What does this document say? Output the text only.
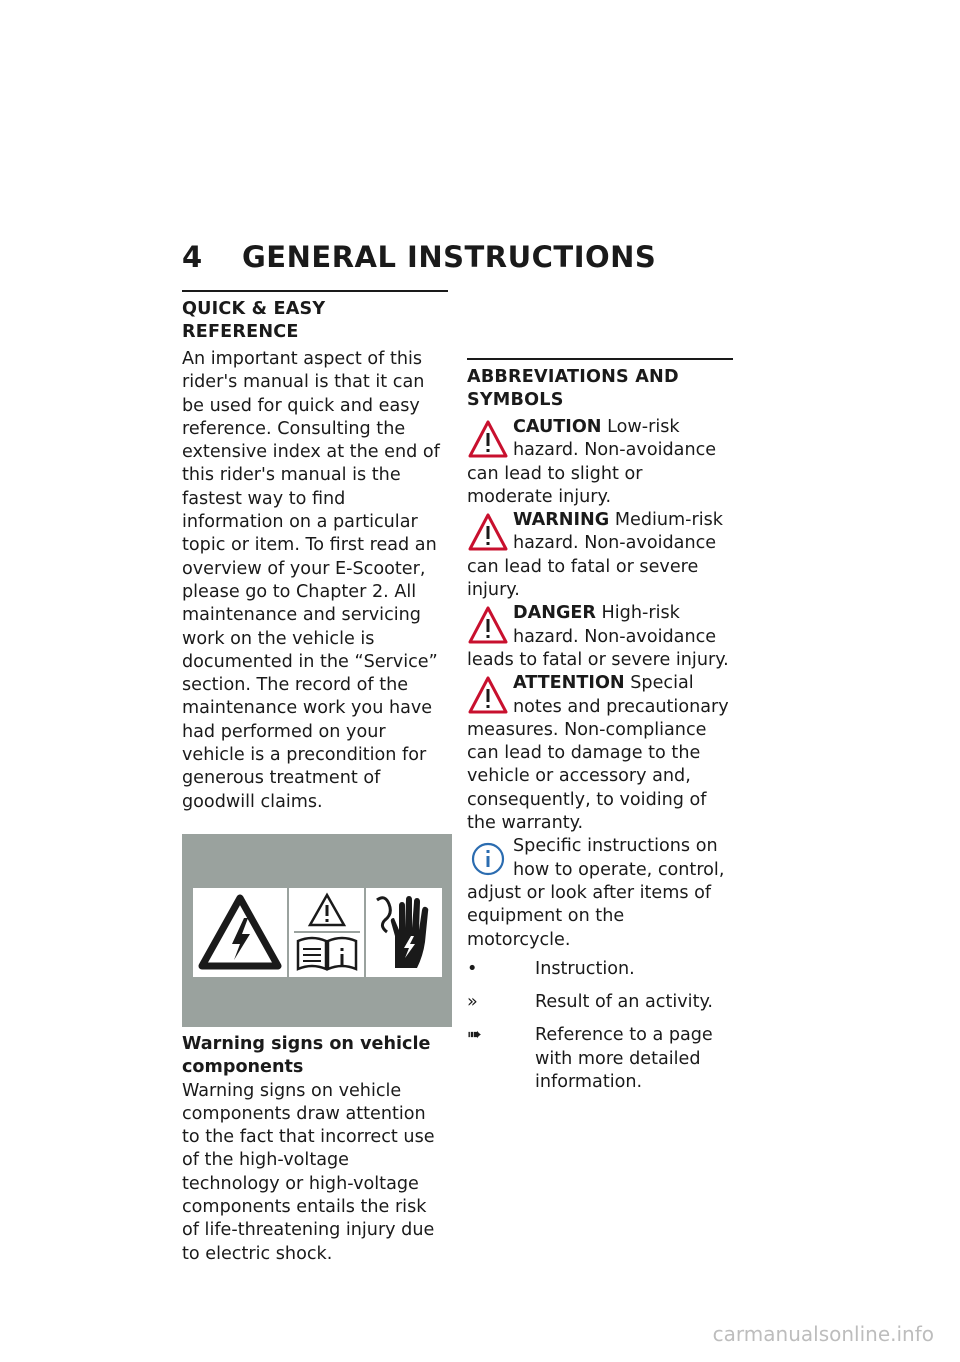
4 GENERAL INSTRUCTIONS
QUICK & EASY REFERENCE

An important aspect of this rider's manual is that it can be used for quick and easy reference. Consulting the extensive index at the end of this rider's manual is the fastest way to find information on a particular topic or item. To first read an overview of your E-Scooter, please go to Chapter 2. All maintenance and servicing work on the vehicle is documented in the “Service” section. The record of the maintenance work you have had performed on your vehicle is a precondition for generous treatment of goodwill claims.

Warning signs on vehicle components

Warning signs on vehicle components draw attention to the fact that incorrect use of the high-voltage technology or high-voltage components entails the risk of life-threatening injury due to electric shock.

ABBREVIATIONS AND SYMBOLS
CAUTION Low-risk hazard. Non-avoidance can lead to slight or moderate injury.
WARNING Medium-risk hazard. Non-avoidance can lead to fatal or severe injury.
DANGER High-risk hazard. Non-avoidance leads to fatal or severe injury.
ATTENTION Special notes and precautionary measures. Non-compliance can lead to damage to the vehicle or accessory and, consequently, to voiding of the warranty.
Specific instructions on how to operate, control, adjust or look after items of equipment on the motorcycle.
•	Instruction.
»	Result of an activity.
➠	Reference to a page with more detailed information.
carmanualsonline.info
